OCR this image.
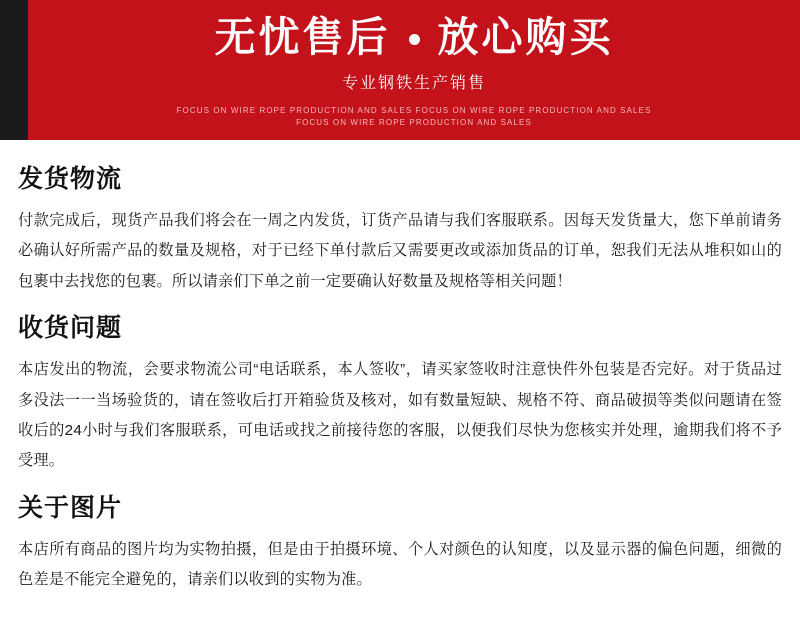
无忧售后 放心购买
专业钢铁生产销售
FOCUS ON WIRE ROPE PRODUCTION AND SALES FOCUS ON WIRE ROPE PRODUCTION AND SALES
FOCUS ON WIRE ROPE PRODUCTION AND SALES
发货物流
付款完成后，现货产品我们将会在一周之内发货，订货产品请与我们客服联系。因每天发货量大，您下单前请务必确认好所需产品的数量及规格，对于已经下单付款后又需要更改或添加货品的订单，恕我们无法从堆积如山的包裹中去找您的包裹。所以请亲们下单之前一定要确认好数量及规格等相关问题！
收货问题
本店发出的物流，会要求物流公司“电话联系，本人签收”，请买家签收时注意快件外包装是否完好。对于货品过多没法一一当场验货的，请在签收后打开箱验货及核对，如有数量短缺、规格不符、商品破损等类似问题请在签收后的24小时与我们客服联系，可电话或找之前接待您的客服，以便我们尽快为您核实并处理，逾期我们将不予受理。
关于图片
本店所有商品的图片均为实物拍摄，但是由于拍摄环境、个人对颜色的认知度，以及显示器的偏色问题，细微的色差是不能完全避免的，请亲们以收到的实物为准。
